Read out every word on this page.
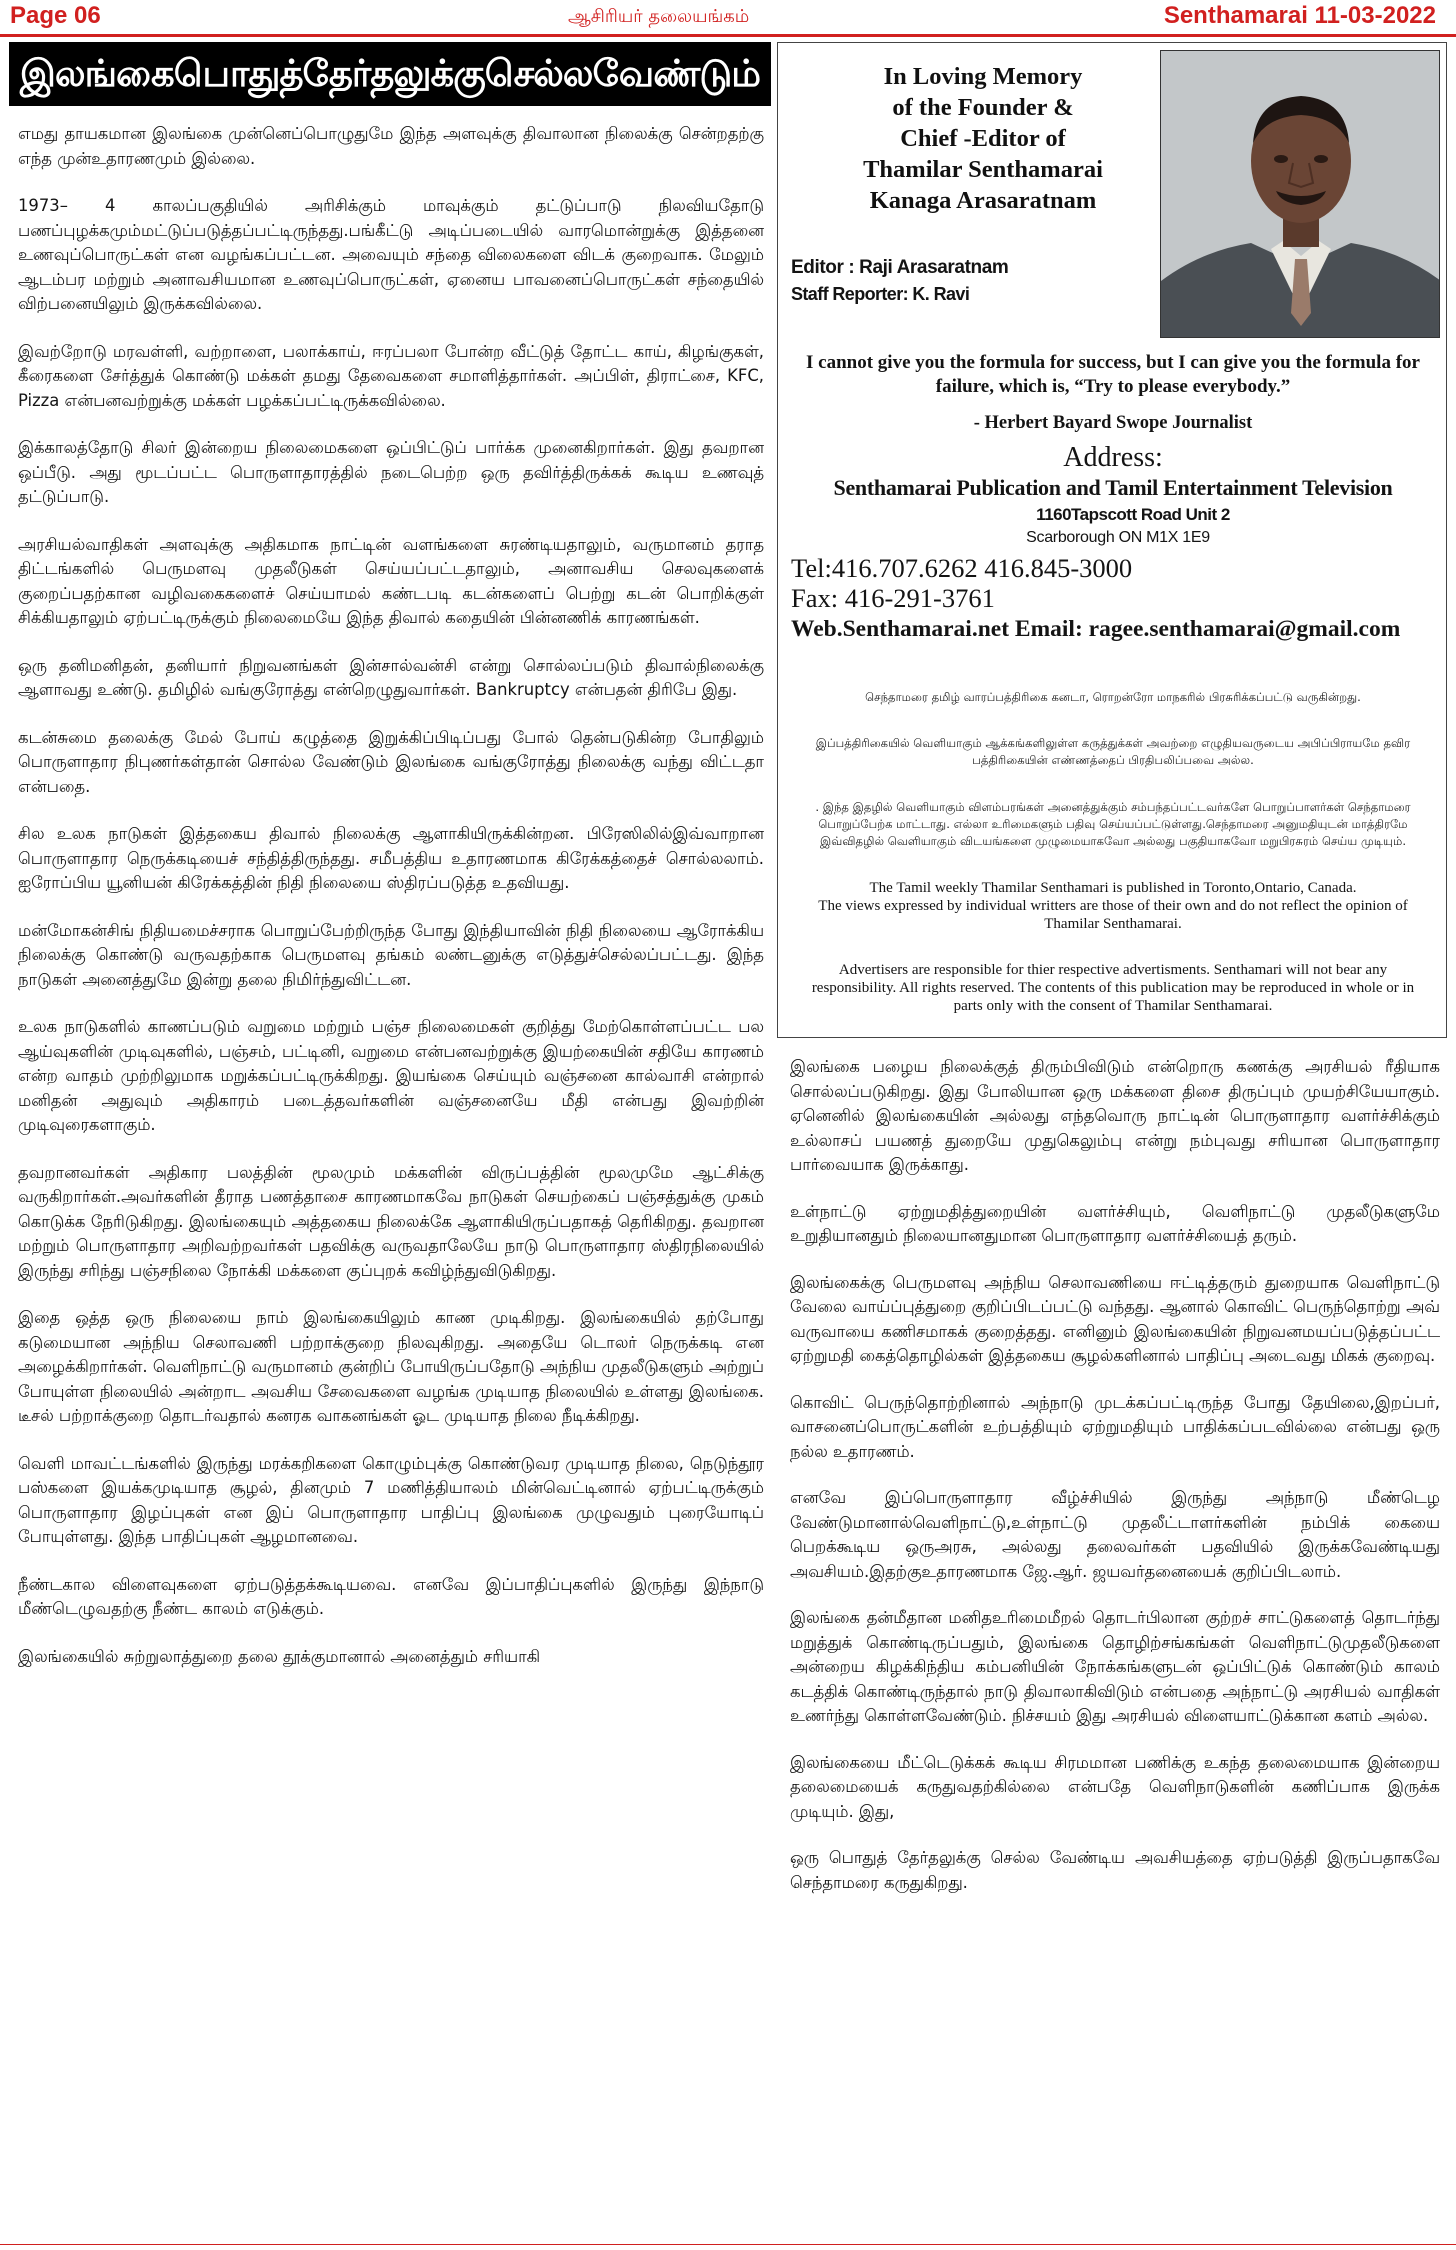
Page 06	ஆசிரியர் தலையங்கம்	Senthamarai 11-03-2022
இலங்கைபொதுத்தேர்தலுக்குசெல்லவேண்டும்

எமது தாயகமான இலங்கை முன்னெப்பொழுதுமே இந்த அளவுக்கு திவாலான நிலைக்கு சென்றதற்கு எந்த முன்உதாரணமும் இல்லை.

1973– 4 காலப்பகுதியில் அரிசிக்கும் மாவுக்கும் தட்டுப்பாடு நிலவியதோடு பணப்புழக்கமும்மட்டுப்படுத்தப்பட்டிருந்தது.பங்கீட்டு அடிப்படையில் வாரமொன்றுக்கு இத்தனை உணவுப்பொருட்கள் என வழங்கப்பட்டன. அவையும் சந்தை விலைகளை விடக் குறைவாக. மேலும் ஆடம்பர மற்றும் அனாவசியமான உணவுப்பொருட்கள், ஏனைய பாவனைப்பொருட்கள் சந்தையில் விற்பனையிலும் இருக்கவில்லை.

இவற்றோடு மரவள்ளி, வற்றாளை, பலாக்காய், ஈரப்பலா போன்ற வீட்டுத் தோட்ட காய், கிழங்குகள், கீரைகளை சேர்த்துக் கொண்டு மக்கள் தமது தேவைகளை சமாளித்தார்கள். அப்பிள், திராட்சை, KFC, Pizza என்பனவற்றுக்கு மக்கள் பழக்கப்பட்டிருக்கவில்லை.

இக்காலத்தோடு சிலர் இன்றைய நிலைமைகளை ஒப்பிட்டுப் பார்க்க முனைகிறார்கள். இது தவறான ஒப்பீடு. அது மூடப்பட்ட பொருளாதாரத்தில் நடைபெற்ற ஒரு தவிர்த்திருக்கக் கூடிய உணவுத் தட்டுப்பாடு.

அரசியல்வாதிகள் அளவுக்கு அதிகமாக நாட்டின் வளங்களை சுரண்டியதாலும், வருமானம் தராத திட்டங்களில் பெருமளவு முதலீடுகள் செய்யப்பட்டதாலும், அனாவசிய செலவுகளைக் குறைப்பதற்கான வழிவகைகளைச் செய்யாமல் கண்டபடி கடன்களைப் பெற்று கடன் பொறிக்குள் சிக்கியதாலும் ஏற்பட்டிருக்கும் நிலைமையே இந்த திவால் கதையின் பின்னணிக் காரணங்கள்.

ஒரு தனிமனிதன், தனியார் நிறுவனங்கள் இன்சால்வன்சி என்று சொல்லப்படும் திவால்நிலைக்கு ஆளாவது உண்டு. தமிழில் வங்குரோத்து என்றெழுதுவார்கள். Bankruptcy என்பதன் திரிபே இது.

கடன்சுமை தலைக்கு மேல் போய் கழுத்தை இறுக்கிப்பிடிப்பது போல் தென்படுகின்ற போதிலும் பொருளாதார நிபுணர்கள்தான் சொல்ல வேண்டும் இலங்கை வங்குரோத்து நிலைக்கு வந்து விட்டதா என்பதை.

சில உலக நாடுகள் இத்தகைய திவால் நிலைக்கு ஆளாகியிருக்கின்றன. பிரேஸிலில்இவ்வாறான பொருளாதார நெருக்கடியைச் சந்தித்திருந்தது. சமீபத்திய உதாரணமாக கிரேக்கத்தைச் சொல்லலாம். ஐரோப்பிய யூனியன் கிரேக்கத்தின் நிதி நிலையை ஸ்திரப்படுத்த உதவியது.

மன்மோகன்சிங் நிதியமைச்சராக பொறுப்பேற்றிருந்த போது இந்தியாவின் நிதி நிலையை ஆரோக்கிய நிலைக்கு கொண்டு வருவதற்காக பெருமளவு தங்கம் லண்டனுக்கு எடுத்துச்செல்லப்பட்டது. இந்த நாடுகள் அனைத்துமே இன்று தலை நிமிர்ந்துவிட்டன.

உலக நாடுகளில் காணப்படும் வறுமை மற்றும் பஞ்ச நிலைமைகள் குறித்து மேற்கொள்ளப்பட்ட பல ஆய்வுகளின் முடிவுகளில், பஞ்சம், பட்டினி, வறுமை என்பனவற்றுக்கு இயற்கையின் சதியே காரணம் என்ற வாதம் முற்றிலுமாக மறுக்கப்பட்டிருக்கிறது. இயங்கை செய்யும் வஞ்சனை கால்வாசி என்றால் மனிதன் அதுவும் அதிகாரம் படைத்தவர்களின் வஞ்சனையே மீதி என்பது இவற்றின் முடிவுரைகளாகும்.

தவறானவர்கள் அதிகார பலத்தின் மூலமும் மக்களின் விருப்பத்தின் மூலமுமே ஆட்சிக்கு வருகிறார்கள்.அவர்களின் தீராத பணத்தாசை காரணமாகவே நாடுகள் செயற்கைப் பஞ்சத்துக்கு முகம் கொடுக்க நேரிடுகிறது. இலங்கையும் அத்தகைய நிலைக்கே ஆளாகியிருப்பதாகத் தெரிகிறது. தவறான மற்றும் பொருளாதார அறிவற்றவர்கள் பதவிக்கு வருவதாலேயே நாடு பொருளாதார ஸ்திரநிலையில் இருந்து சரிந்து பஞ்சநிலை நோக்கி மக்களை குப்புறக் கவிழ்ந்துவிடுகிறது.

இதை ஒத்த ஒரு நிலையை நாம் இலங்கையிலும் காண முடிகிறது. இலங்கையில் தற்போது கடுமையான அந்நிய செலாவணி பற்றாக்குறை நிலவுகிறது. அதையே டொலர் நெருக்கடி என அழைக்கிறார்கள். வெளிநாட்டு வருமானம் குன்றிப் போயிருப்பதோடு அந்நிய முதலீடுகளும் அற்றுப் போயுள்ள நிலையில் அன்றாட அவசிய சேவைகளை வழங்க முடியாத நிலையில் உள்ளது இலங்கை. டீசல் பற்றாக்குறை தொடர்வதால் கனரக வாகனங்கள் ஓட முடியாத நிலை நீடிக்கிறது.

வெளி மாவட்டங்களில் இருந்து மரக்கறிகளை கொழும்புக்கு கொண்டுவர முடியாத நிலை, நெடுந்தூர பஸ்களை இயக்கமுடியாத சூழல், தினமும் 7 மணித்தியாலம் மின்வெட்டினால் ஏற்பட்டிருக்கும் பொருளாதார இழப்புகள் என இப் பொருளாதார பாதிப்பு இலங்கை முழுவதும் புரையோடிப் போயுள்ளது. இந்த பாதிப்புகள் ஆழமானவை.

நீண்டகால விளைவுகளை ஏற்படுத்தக்கூடியவை. எனவே இப்பாதிப்புகளில் இருந்து இந்நாடு மீண்டெழுவதற்கு நீண்ட காலம் எடுக்கும்.

இலங்கையில் சுற்றுலாத்துறை தலை தூக்குமானால் அனைத்தும் சரியாகி

In Loving Memory
of the Founder &
Chief -Editor of
Thamilar Senthamarai
Kanaga Arasaratnam
Editor : Raji Arasaratnam
Staff Reporter: K. Ravi
I cannot give you the formula for success, but I can give you the formula for failure, which is, “Try to please everybody.”
- Herbert Bayard Swope Journalist
Address:
Senthamarai Publication and Tamil Entertainment Television
1160Tapscott Road Unit 2
Scarborough ON M1X 1E9
Tel:416.707.6262 416.845-3000
Fax: 416-291-3761
Web.Senthamarai.net Email: ragee.senthamarai@gmail.com
செந்தாமரை தமிழ் வாரப்பத்திரிகை கனடா, ரொறன்ரோ மாநகரில் பிரசுரிக்கப்பட்டு வருகின்றது.
இப்பத்திரிகையில் வெளியாகும் ஆக்கங்களிலுள்ள கருத்துக்கள் அவற்றை எழுதியவருடைய அபிப்பிராயமே தவிர பத்திரிகையின் எண்ணத்தைப் பிரதிபலிப்பவை அல்ல.
. இந்த இதழில் வெளியாகும் விளம்பரங்கள் அனைத்துக்கும் சம்பந்தப்பட்டவர்களே பொறுப்பாளர்கள் செந்தாமரை பொறுப்பேற்க மாட்டாது. எல்லா உரிமைகளும் பதிவு செய்யப்பட்டுள்ளது.செந்தாமரை அனுமதியுடன் மாத்திரமே இவ்விதழில் வெளியாகும் விடயங்களை முழுமையாகவோ அல்லது பகுதியாகவோ மறுபிரசுரம் செய்ய முடியும்.
The Tamil weekly Thamilar Senthamari is published in Toronto,Ontario, Canada.
The views expressed by individual writters are those of their own and do not reflect the opinion of Thamilar Senthamarai.
Advertisers are responsible for thier respective advertisments. Senthamari will not bear any responsibility. All rights reserved. The contents of this publication may be reproduced in whole or in parts only with the consent of Thamilar Senthamarai.

இலங்கை பழைய நிலைக்குத் திரும்பிவிடும் என்றொரு கணக்கு அரசியல் ரீதியாக சொல்லப்படுகிறது. இது போலியான ஒரு மக்களை திசை திருப்பும் முயற்சியேயாகும். ஏனெனில் இலங்கையின் அல்லது எந்தவொரு நாட்டின் பொருளாதார வளர்ச்சிக்கும் உல்லாசப் பயணத் துறையே முதுகெலும்பு என்று நம்புவது சரியான பொருளாதார பார்வையாக இருக்காது.

உள்நாட்டு ஏற்றுமதித்துறையின் வளர்ச்சியும், வெளிநாட்டு முதலீடுகளுமே உறுதியானதும் நிலையானதுமான பொருளாதார வளர்ச்சியைத் தரும்.

இலங்கைக்கு பெருமளவு அந்நிய செலாவணியை ஈட்டித்தரும் துறையாக வெளிநாட்டு வேலை வாய்ப்புத்துறை குறிப்பிடப்பட்டு வந்தது. ஆனால் கொவிட் பெருந்தொற்று அவ் வருவாயை கணிசமாகக் குறைத்தது. எனினும் இலங்கையின் நிறுவனமயப்படுத்தப்பட்ட ஏற்றுமதி கைத்தொழில்கள் இத்தகைய சூழல்களினால் பாதிப்பு அடைவது மிகக் குறைவு.

கொவிட் பெருந்தொற்றினால் அந்நாடு முடக்கப்பட்டிருந்த போது தேயிலை,இறப்பர், வாசனைப்பொருட்களின் உற்பத்தியும் ஏற்றுமதியும் பாதிக்கப்படவில்லை என்பது ஒரு நல்ல உதாரணம்.

எனவே இப்பொருளாதார வீழ்ச்சியில் இருந்து அந்நாடு மீண்டெழ வேண்டுமானால்வெளிநாட்டு,உள்நாட்டு முதலீட்டாளர்களின் நம்பிக் கையை பெறக்கூடிய ஒருஅரசு, அல்லது தலைவர்கள் பதவியில் இருக்கவேண்டியது அவசியம்.இதற்குஉதாரணமாக ஜே.ஆர். ஜயவர்தனையைக் குறிப்பிடலாம்.

இலங்கை தன்மீதான மனிதஉரிமைமீறல் தொடர்பிலான குற்றச் சாட்டுகளைத் தொடர்ந்து மறுத்துக் கொண்டிருப்பதும், இலங்கை தொழிற்சங்கங்கள் வெளிநாட்டுமுதலீடுகளை அன்றைய கிழக்கிந்திய கம்பனியின் நோக்கங்களுடன் ஒப்பிட்டுக் கொண்டும் காலம் கடத்திக் கொண்டிருந்தால் நாடு திவாலாகிவிடும் என்பதை அந்நாட்டு அரசியல் வாதிகள் உணர்ந்து கொள்ளவேண்டும். நிச்சயம் இது அரசியல் விளையாட்டுக்கான களம் அல்ல.

இலங்கையை மீட்டெடுக்கக் கூடிய சிரமமான பணிக்கு உகந்த தலைமையாக இன்றைய தலைமையைக் கருதுவதற்கில்லை என்பதே வெளிநாடுகளின் கணிப்பாக இருக்க முடியும். இது,

ஒரு பொதுத் தேர்தலுக்கு செல்ல வேண்டிய அவசியத்தை ஏற்படுத்தி இருப்பதாகவே செந்தாமரை கருதுகிறது.
